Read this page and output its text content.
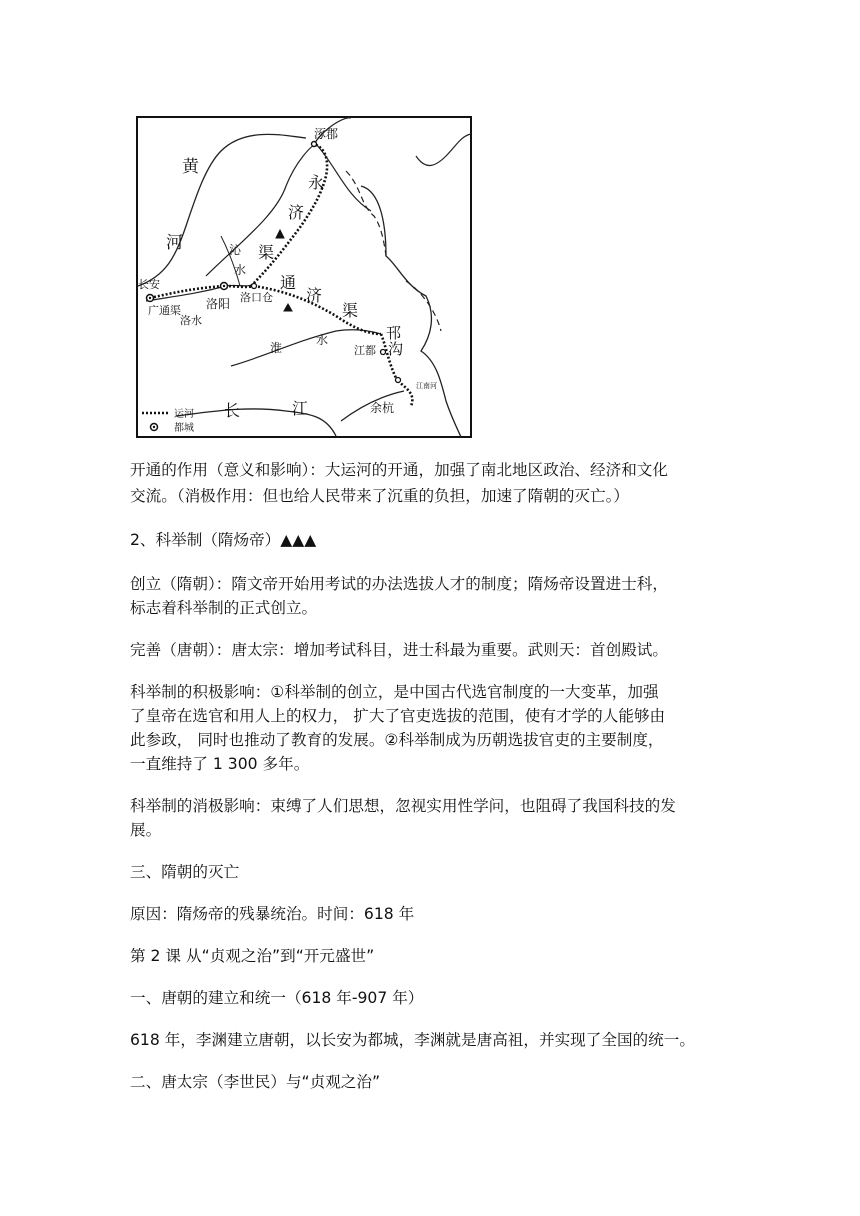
黄
河	沁
水
涿郡
永
济
渠
长安
广通渠
洛水
洛阳 洛口仓
通
济
渠
淮
水
江都
邗
沟
江南河
长	江	余杭
运河
都城

开通的作用（意义和影响）：大运河的开通，加强了南北地区政治、经济和文化

交流。（消极作用：但也给人民带来了沉重的负担，加速了隋朝的灭亡。）

2、科举制（隋炀帝）▲▲▲

创立（隋朝）：隋文帝开始用考试的办法选拔人才的制度；隋炀帝设置进士科，

标志着科举制的正式创立。

完善（唐朝）：唐太宗：增加考试科目，进士科最为重要。武则天：首创殿试。

科举制的积极影响：①科举制的创立，是中国古代选官制度的一大变革，加强

了皇帝在选官和用人上的权力， 扩大了官吏选拔的范围，使有才学的人能够由

此参政， 同时也推动了教育的发展。②科举制成为历朝选拔官吏的主要制度，

一直维持了 1 300 多年。

科举制的消极影响：束缚了人们思想，忽视实用性学问，也阻碍了我国科技的发

展。

三、隋朝的灭亡

原因：隋炀帝的残暴统治。时间：618 年

第 2 课 从“贞观之治”到“开元盛世”

一、唐朝的建立和统一（618 年-907 年）

618 年，李渊建立唐朝，以长安为都城，李渊就是唐高祖，并实现了全国的统一。

二、唐太宗（李世民）与“贞观之治”
